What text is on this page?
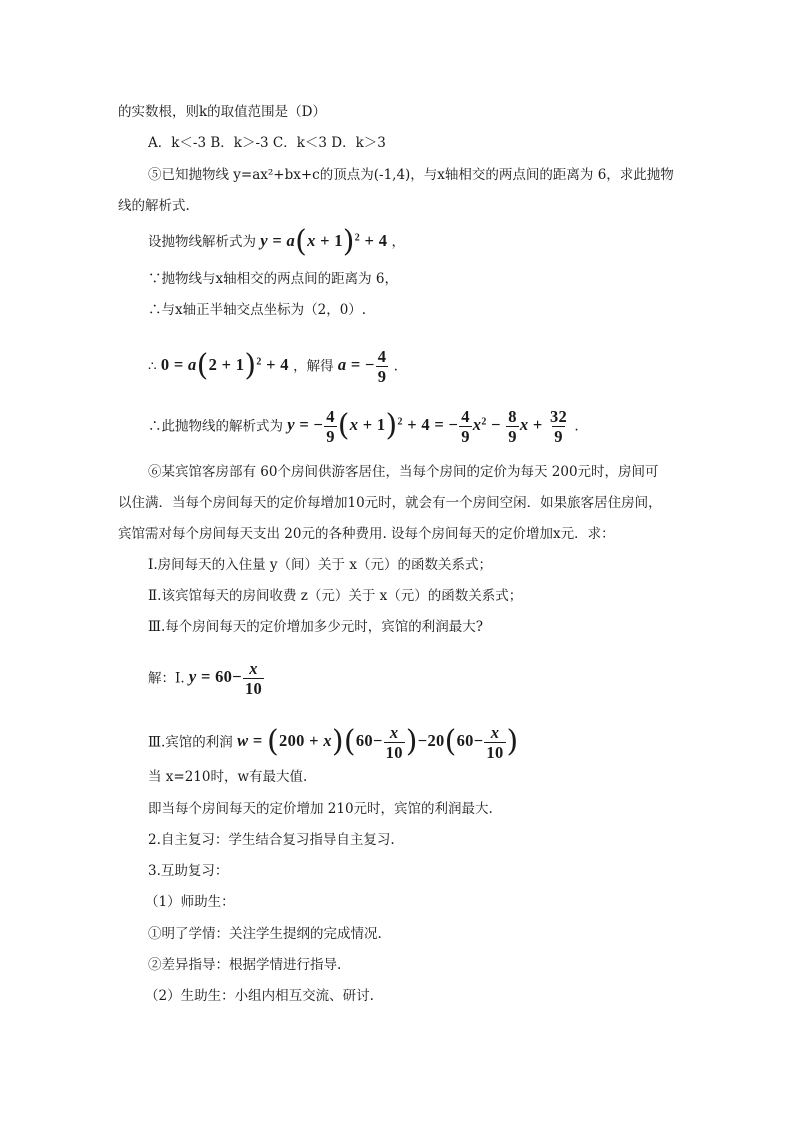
的实数根，则k的取值范围是（D）
A．k＜-3 B．k＞-3 C．k＜3 D．k＞3
⑤已知抛物线 y=ax²+bx+c的顶点为(-1,4)，与x轴相交的两点间的距离为 6，求此抛物
线的解析式.
设抛物线解析式为 $y = a(x + 1)^2 + 4$ ，
∵抛物线与x轴相交的两点间的距离为 6，
∴与x轴正半轴交点坐标为（2，0）.
∴ $0 = a(2 + 1)^2 + 4$ ，解得 a = − $\frac{4}{9}$ .
∴此抛物线的解析式为 y = − $\frac{4}{9} (x + 1)^2 + 4$ = − $\frac{4}{9} x^2 - \frac{8}{9}$ $x + \frac{32}{9}$ .
⑥某宾馆客房部有 60个房间供游客居住，当每个房间的定价为每天 200元时，房间可
以住满．当每个房间每天的定价每增加10元时，就会有一个房间空闲．如果旅客居住房间，
宾馆需对每个房间每天支出 20元的各种费用. 设每个房间每天的定价增加x元．求：
Ⅰ.房间每天的入住量 y（间）关于 x（元）的函数关系式；
Ⅱ.该宾馆每天的房间收费 z（元）关于 x（元）的函数关系式；
Ⅲ.每个房间每天的定价增加多少元时，宾馆的利润最大?
解：Ⅰ. $y = 60- \frac{x}{10}$
Ⅲ.宾馆的利润 $w = (200 + x)(60- \frac{x}{10} )-20(60- \frac{x}{10}$ )
当 x=210时，w有最大值.
即当每个房间每天的定价增加 210元时，宾馆的利润最大.
2.自主复习：学生结合复习指导自主复习.
3.互助复习：
（1）师助生：
①明了学情：关注学生提纲的完成情况.
②差异指导：根据学情进行指导.
（2）生助生：小组内相互交流、研讨.
